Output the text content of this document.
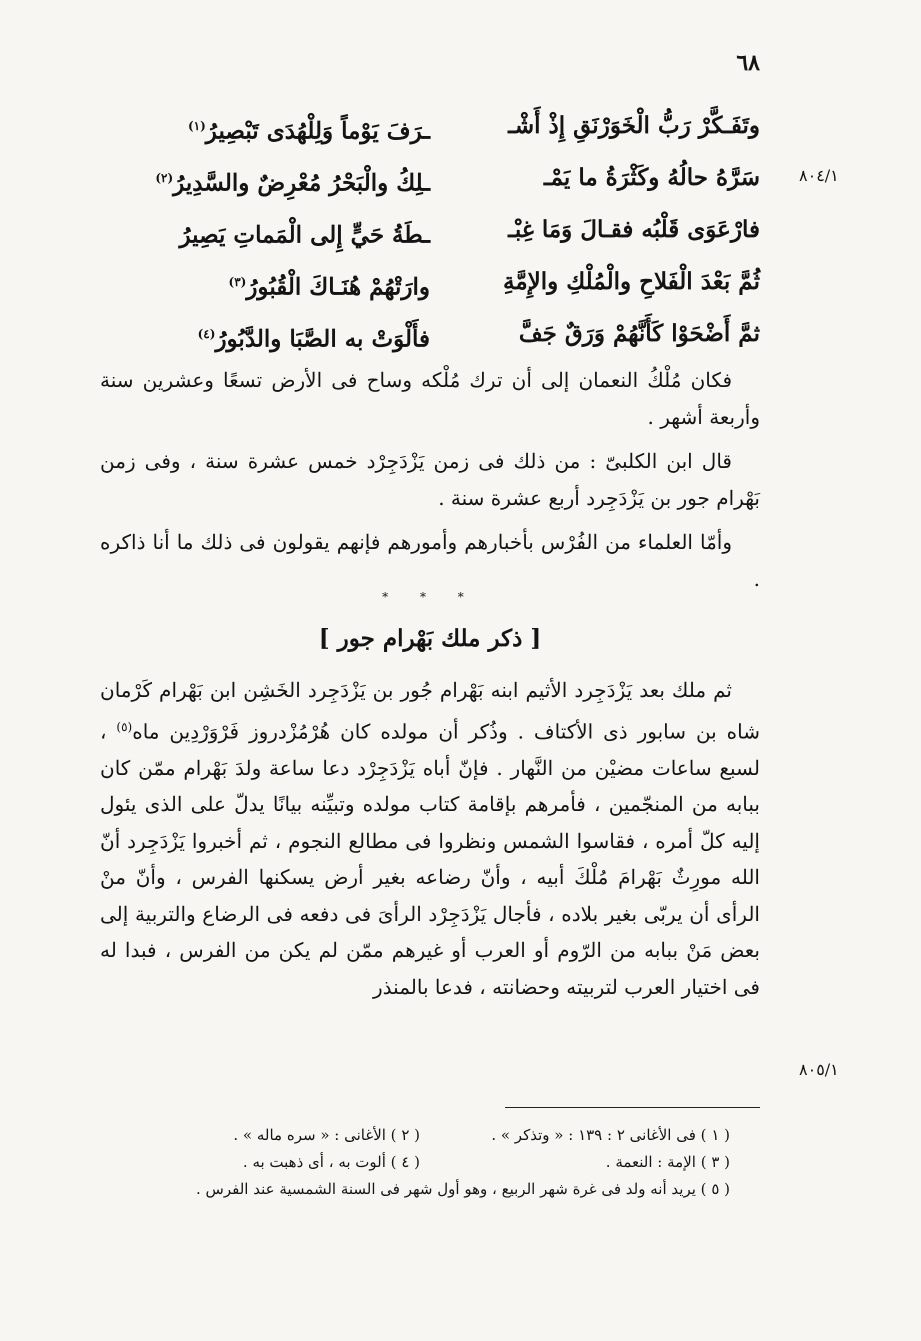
٦٨
وتَفَـكَّرْ رَبُّ الْخَوَرْنَقِ إِذْ أَشْـ
ـرَفَ يَوْماً وَلِلْهُدَى تَبْصِيرُ$^{(١)}$
سَرَّهُ حالُهُ وكَثْرَةُ ما يَمْـ
ـلِكُ والْبَحْرُ مُعْرِضٌ والسَّدِيرُ$^{(٢)}$
فارْعَوَى قَلْبُه فقـالَ وَمَا غِبْـ
ـطَةُ حَيٍّ إِلى الْمَماتِ يَصِيرُ
ثُمَّ بَعْدَ الْفَلاحِ والْمُلْكِ والإِمَّةِ
وارَتْهُمْ هُنَـاكَ الْقُبُورُ$^{(٣)}$
ثمَّ أَضْحَوْا كَأَنَّهُمْ وَرَقٌ جَفَّ
فأَلْوَتْ به الصَّبَا والدَّبُورُ$^{(٤)}$
٨٠٤/١

فكان مُلْكُ النعمان إلى أن ترك مُلْكه وساح فى الأرض تسعًا وعشرين سنة وأربعة أشهر .

قال ابن الكلبىّ : من ذلك فى زمن يَزْدَجِرْد خمس عشرة سنة ، وفى زمن بَهْرام جور بن يَزْدَجِرد أربع عشرة سنة .

وأمّا العلماء من الفُرْس بأخبارهم وأمورهم فإنهم يقولون فى ذلك ما أنا ذاكره .

* * *
[ ذكر ملك بَهْرام جور ]

ثم ملك بعد يَزْدَجِرد الأثيم ابنه بَهْرام جُور بن يَزْدَجِرد الخَشِن ابن بَهْرام كَرْمان شاه بن سابور ذى الأكتاف . وذُكر أن مولده كان هُرْمُزْدروز فَرْوَرْدِين ماه$^{(٥)}$ ، لسبع ساعات مضيْن من النَّهار . فإنّ أباه يَزْدَجِرْد دعا ساعة ولدَ بَهْرام ممّن كان ببابه من المنجّمين ، فأمرهم بإقامة كتاب مولده وتبيِّنه بيانًا يدلّ على الذى يئول إليه كلّ أمره ، فقاسوا الشمس ونظروا فى مطالع النجوم ، ثم أخبروا يَزْدَجِرد أنّ الله مورِثٌ بَهْرامَ مُلْكَ أبيه ، وأنّ رضاعه بغير أرض يسكنها الفرس ، وأنّ منْ الرأى أن يربّى بغير بلاده ، فأجال يَزْدَجِرْد الرأىَ فى دفعه فى الرضاع والتربية إلى بعض مَنْ ببابه من الرّوم أو العرب أو غيرهم ممّن لم يكن من الفرس ، فبدا له فى اختيار العرب لتربيته وحضانته ، فدعا بالمنذر

٨٠٥/١
( ١ ) فى الأغانى ٢ : ١٣٩ : « وتذكر » .
( ٢ ) الأغانى : « سره ماله » .
( ٣ ) الإمة : النعمة .
( ٤ ) ألوت به ، أى ذهبت به .
( ٥ ) يريد أنه ولد فى غرة شهر الربيع ، وهو أول شهر فى السنة الشمسية عند الفرس .
